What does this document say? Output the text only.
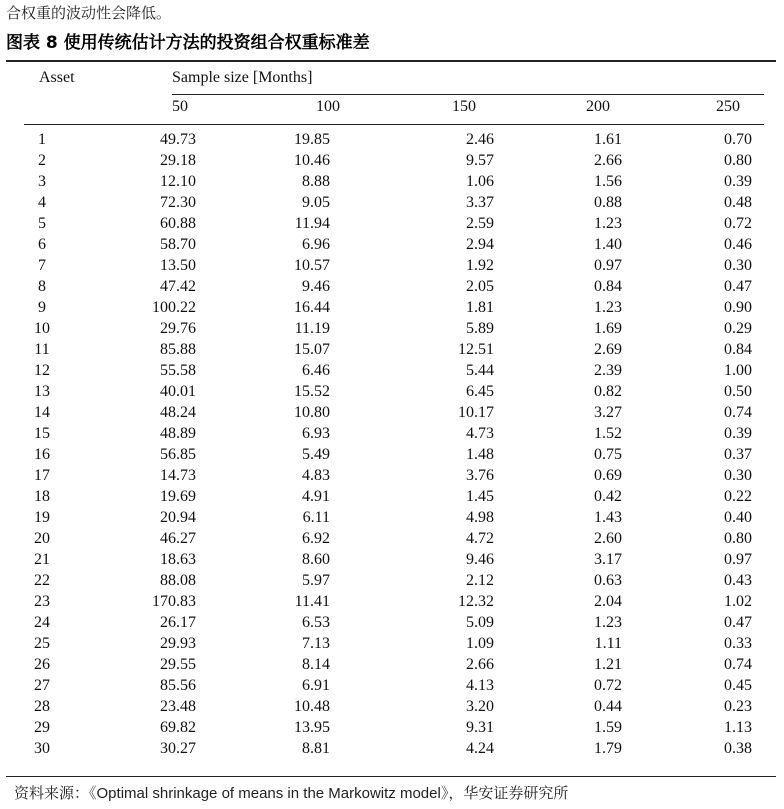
合权重的波动性会降低。
图表 8 使用传统估计方法的投资组合权重标准差
Asset	Sample size [Months]
50	100	150	200	250
1	49.73	19.85	2.46	1.61	0.70
2	29.18	10.46	9.57	2.66	0.80
3	12.10	8.88	1.06	1.56	0.39
4	72.30	9.05	3.37	0.88	0.48
5	60.88	11.94	2.59	1.23	0.72
6	58.70	6.96	2.94	1.40	0.46
7	13.50	10.57	1.92	0.97	0.30
8	47.42	9.46	2.05	0.84	0.47
9	100.22	16.44	1.81	1.23	0.90
10	29.76	11.19	5.89	1.69	0.29
11	85.88	15.07	12.51	2.69	0.84
12	55.58	6.46	5.44	2.39	1.00
13	40.01	15.52	6.45	0.82	0.50
14	48.24	10.80	10.17	3.27	0.74
15	48.89	6.93	4.73	1.52	0.39
16	56.85	5.49	1.48	0.75	0.37
17	14.73	4.83	3.76	0.69	0.30
18	19.69	4.91	1.45	0.42	0.22
19	20.94	6.11	4.98	1.43	0.40
20	46.27	6.92	4.72	2.60	0.80
21	18.63	8.60	9.46	3.17	0.97
22	88.08	5.97	2.12	0.63	0.43
23	170.83	11.41	12.32	2.04	1.02
24	26.17	6.53	5.09	1.23	0.47
25	29.93	7.13	1.09	1.11	0.33
26	29.55	8.14	2.66	1.21	0.74
27	85.56	6.91	4.13	0.72	0.45
28	23.48	10.48	3.20	0.44	0.23
29	69.82	13.95	9.31	1.59	1.13
30	30.27	8.81	4.24	1.79	0.38
资料来源：《Optimal shrinkage of means in the Markowitz model》，华安证券研究所
